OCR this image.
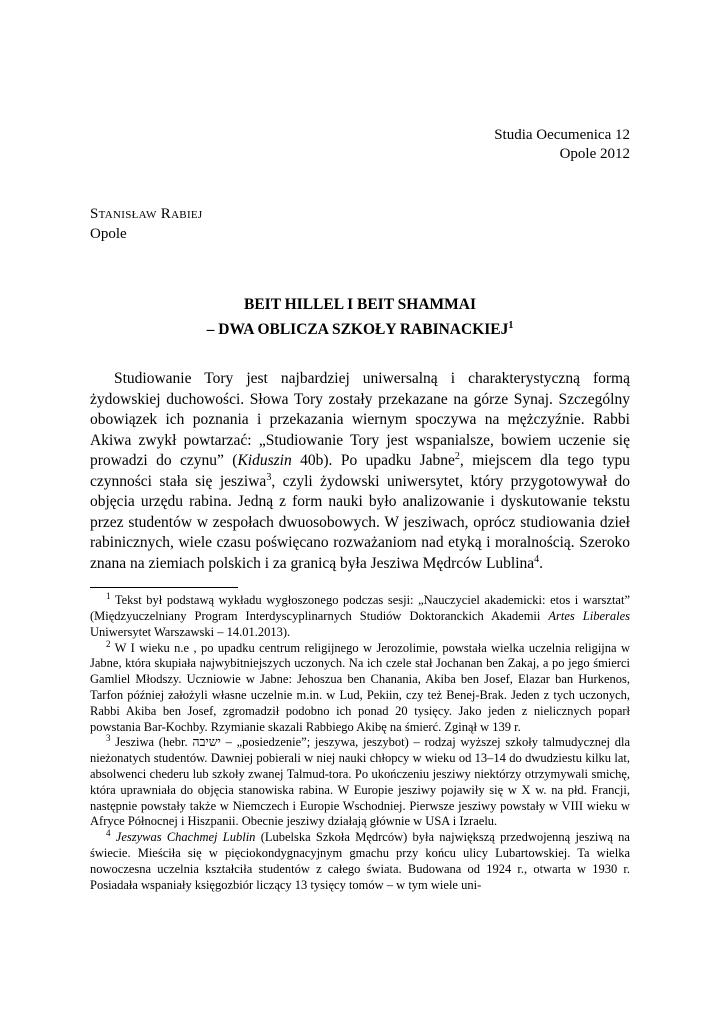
Studia Oecumenica 12
Opole 2012
Stanisław Rabiej
Opole
BEIT HILLEL I BEIT SHAMMAI
– DWA OBLICZA SZKOŁY RABINACKIEJ$^1$

Studiowanie Tory jest najbardziej uniwersalną i charakterystyczną formą żydowskiej duchowości. Słowa Tory zostały przekazane na górze Synaj. Szczególny obowiązek ich poznania i przekazania wiernym spoczywa na mężczyźnie. Rabbi Akiwa zwykł powtarzać: „Studiowanie Tory jest wspanialsze, bowiem uczenie się prowadzi do czynu” (Kiduszin 40b). Po upadku Jabne$^2$, miejscem dla tego typu czynności stała się jesziwa$^3$, czyli żydowski uniwersytet, który przygotowywał do objęcia urzędu rabina. Jedną z form nauki było analizowanie i dyskutowanie tekstu przez studentów w zespołach dwuosobowych. W jesziwach, oprócz studiowania dzieł rabinicznych, wiele czasu poświęcano rozważaniom nad etyką i moralnością. Szeroko znana na ziemiach polskich i za granicą była Jesziwa Mędrców Lublina$^4$.

$^1$ Tekst był podstawą wykładu wygłoszonego podczas sesji: „Nauczyciel akademicki: etos i warsztat” (Międzyuczelniany Program Interdyscyplinarnych Studiów Doktoranckich Akademii Artes Liberales Uniwersytet Warszawski – 14.01.2013).

$^2$ W I wieku n.e , po upadku centrum religijnego w Jerozolimie, powstała wielka uczelnia religijna w Jabne, która skupiała najwybitniejszych uczonych. Na ich czele stał Jochanan ben Zakaj, a po jego śmierci Gamliel Młodszy. Uczniowie w Jabne: Jehoszua ben Chanania, Akiba ben Josef, Elazar ban Hurkenos, Tarfon później założyli własne uczelnie m.in. w Lud, Pekiin, czy też Benej-Brak. Jeden z tych uczonych, Rabbi Akiba ben Josef, zgromadził podobno ich ponad 20 tysięcy. Jako jeden z nielicznych poparł powstania Bar-Kochby. Rzymianie skazali Rabbiego Akibę na śmierć. Zginął w 139 r.

$^3$ Jesziwa (hebr. ישיבה – „posiedzenie”; jeszywa, jeszybot) – rodzaj wyższej szkoły talmudycznej dla nieżonatych studentów. Dawniej pobierali w niej nauki chłopcy w wieku od 13–14 do dwudziestu kilku lat, absolwenci chederu lub szkoły zwanej Talmud-tora. Po ukończeniu jesziwy niektórzy otrzymywali smichę, która uprawniała do objęcia stanowiska rabina. W Europie jesziwy pojawiły się w X w. na płd. Francji, następnie powstały także w Niemczech i Europie Wschodniej. Pierwsze jesziwy powstały w VIII wieku w Afryce Północnej i Hiszpanii. Obecnie jesziwy działają głównie w USA i Izraelu.

$^4$ Jeszywas Chachmej Lublin (Lubelska Szkoła Mędrców) była największą przedwojenną jesziwą na świecie. Mieściła się w pięciokondygnacyjnym gmachu przy końcu ulicy Lubartowskiej. Ta wielka nowoczesna uczelnia kształciła studentów z całego świata. Budowana od 1924 r., otwarta w 1930 r. Posiadała wspaniały księgozbiór liczący 13 tysięcy tomów – w tym wiele uni-
